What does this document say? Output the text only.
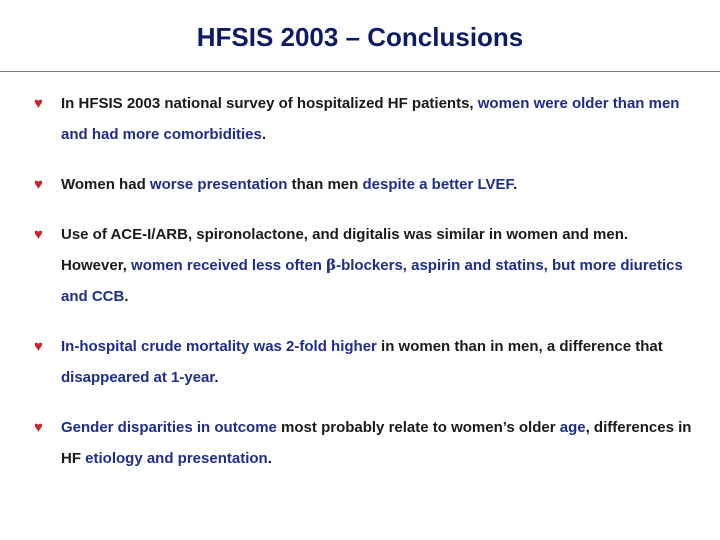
HFSIS 2003 – Conclusions
♥ In HFSIS 2003 national survey of hospitalized HF patients, women were older than men and had more comorbidities.
♥ Women had worse presentation than men despite a better LVEF.
♥ Use of ACE-I/ARB, spironolactone, and digitalis was similar in women and men. However, women received less often β-blockers, aspirin and statins, but more diuretics and CCB.
♥ In-hospital crude mortality was 2-fold higher in women than in men, a difference that disappeared at 1-year.
♥ Gender disparities in outcome most probably relate to women’s older age, differences in HF etiology and presentation.
